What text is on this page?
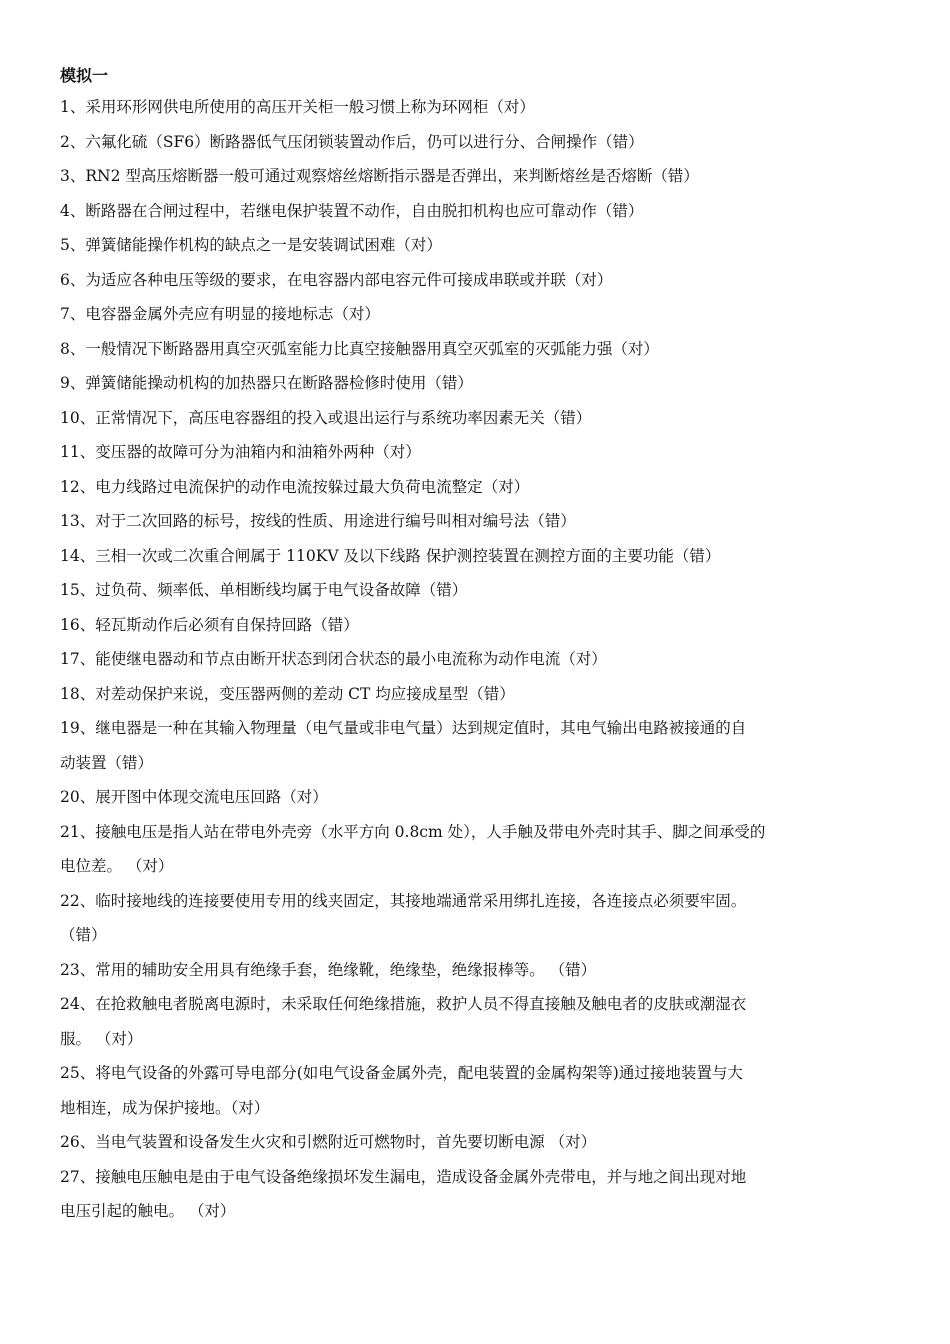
模拟一
1、采用环形网供电所使用的高压开关柜一般习惯上称为环网柜（对）
2、六氟化硫（SF6）断路器低气压闭锁装置动作后，仍可以进行分、合闸操作（错）
3、RN2 型高压熔断器一般可通过观察熔丝熔断指示器是否弹出，来判断熔丝是否熔断（错）
4、断路器在合闸过程中，若继电保护装置不动作，自由脱扣机构也应可靠动作（错）
5、弹簧储能操作机构的缺点之一是安装调试困难（对）
6、为适应各种电压等级的要求，在电容器内部电容元件可接成串联或并联（对）
7、电容器金属外壳应有明显的接地标志（对）
8、一般情况下断路器用真空灭弧室能力比真空接触器用真空灭弧室的灭弧能力强（对）
9、弹簧储能操动机构的加热器只在断路器检修时使用（错）
10、正常情况下，高压电容器组的投入或退出运行与系统功率因素无关（错）
11、变压器的故障可分为油箱内和油箱外两种（对）
12、电力线路过电流保护的动作电流按躲过最大负荷电流整定（对）
13、对于二次回路的标号，按线的性质、用途进行编号叫相对编号法（错）
14、三相一次或二次重合闸属于 110KV 及以下线路 保护测控装置在测控方面的主要功能（错）
15、过负荷、频率低、单相断线均属于电气设备故障（错）
16、轻瓦斯动作后必须有自保持回路（错）
17、能使继电器动和节点由断开状态到闭合状态的最小电流称为动作电流（对）
18、对差动保护来说，变压器两侧的差动 CT 均应接成星型（错）
19、继电器是一种在其输入物理量（电气量或非电气量）达到规定值时，其电气输出电路被接通的自
动装置（错）
20、展开图中体现交流电压回路（对）
21、接触电压是指人站在带电外壳旁（水平方向 0.8cm 处），人手触及带电外壳时其手、脚之间承受的
电位差。 （对）
22、临时接地线的连接要使用专用的线夹固定，其接地端通常采用绑扎连接，各连接点必须要牢固。
（错）
23、常用的辅助安全用具有绝缘手套，绝缘靴，绝缘垫，绝缘报棒等。 （错）
24、在抢救触电者脱离电源时，未采取任何绝缘措施，救护人员不得直接触及触电者的皮肤或潮湿衣
服。 （对）
25、将电气设备的外露可导电部分(如电气设备金属外壳，配电装置的金属构架等)通过接地装置与大
地相连，成为保护接地。（对）
26、当电气装置和设备发生火灾和引燃附近可燃物时，首先要切断电源 （对）
27、接触电压触电是由于电气设备绝缘损坏发生漏电，造成设备金属外壳带电，并与地之间出现对地
电压引起的触电。 （对）
